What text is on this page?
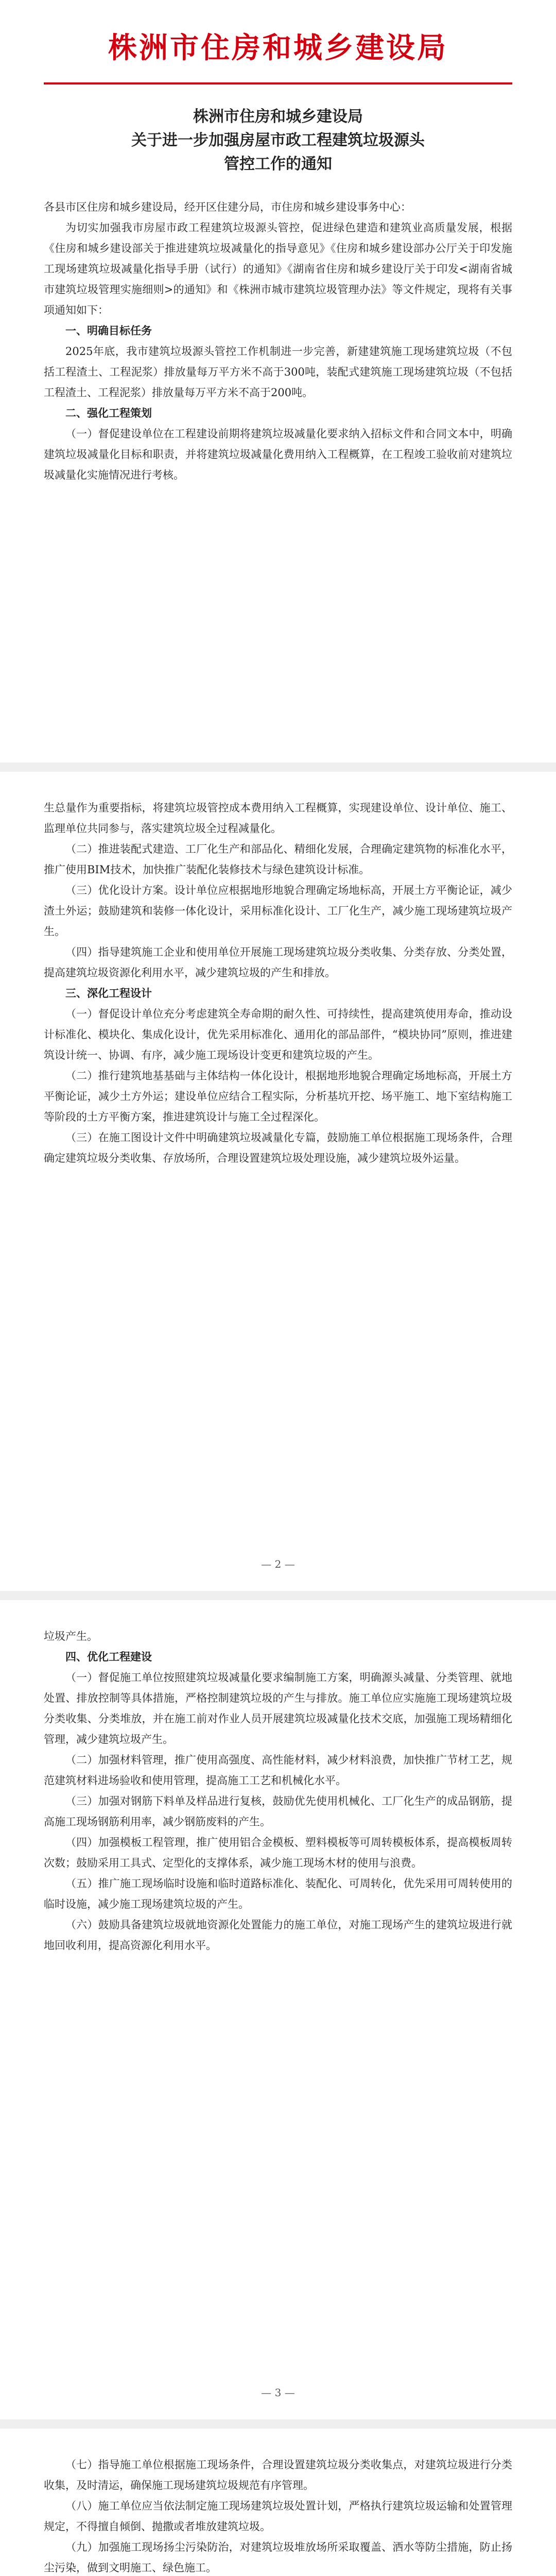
株洲市住房和城乡建设局
株洲市住房和城乡建设局
关于进一步加强房屋市政工程建筑垃圾源头
管控工作的通知

各县市区住房和城乡建设局，经开区住建分局，市住房和城乡建设事务中心：

为切实加强我市房屋市政工程建筑垃圾源头管控，促进绿色建造和建筑业高质量发展，根据《住房和城乡建设部关于推进建筑垃圾减量化的指导意见》《住房和城乡建设部办公厅关于印发施工现场建筑垃圾减量化指导手册（试行）的通知》《湖南省住房和城乡建设厅关于印发<湖南省城市建筑垃圾管理实施细则>的通知》和《株洲市城市建筑垃圾管理办法》等文件规定，现将有关事项通知如下：

一、明确目标任务

2025年底，我市建筑垃圾源头管控工作机制进一步完善，新建建筑施工现场建筑垃圾（不包括工程渣土、工程泥浆）排放量每万平方米不高于300吨，装配式建筑施工现场建筑垃圾（不包括工程渣土、工程泥浆）排放量每万平方米不高于200吨。

二、强化工程策划

（一）督促建设单位在工程建设前期将建筑垃圾减量化要求纳入招标文件和合同文本中，明确建筑垃圾减量化目标和职责，并将建筑垃圾减量化费用纳入工程概算，在工程竣工验收前对建筑垃圾减量化实施情况进行考核。

生总量作为重要指标，将建筑垃圾管控成本费用纳入工程概算，实现建设单位、设计单位、施工、监理单位共同参与，落实建筑垃圾全过程减量化。

（二）推进装配式建造、工厂化生产和部品化、精细化发展，合理确定建筑物的标准化水平，推广使用BIM技术，加快推广装配化装修技术与绿色建筑设计标准。

（三）优化设计方案。设计单位应根据地形地貌合理确定场地标高，开展土方平衡论证，减少渣土外运；鼓励建筑和装修一体化设计，采用标准化设计、工厂化生产，减少施工现场建筑垃圾产生。

（四）指导建筑施工企业和使用单位开展施工现场建筑垃圾分类收集、分类存放、分类处置，提高建筑垃圾资源化利用水平，减少建筑垃圾的产生和排放。

三、深化工程设计

（一）督促设计单位充分考虑建筑全寿命期的耐久性、可持续性，提高建筑使用寿命，推动设计标准化、模块化、集成化设计，优先采用标准化、通用化的部品部件，“模块协同”原则，推进建筑设计统一、协调、有序，减少施工现场设计变更和建筑垃圾的产生。

（二）推行建筑地基基础与主体结构一体化设计，根据地形地貌合理确定场地标高，开展土方平衡论证，减少土方外运；建设单位应结合工程实际，分析基坑开挖、场平施工、地下室结构施工等阶段的土方平衡方案，推进建筑设计与施工全过程深化。

（三）在施工图设计文件中明确建筑垃圾减量化专篇，鼓励施工单位根据施工现场条件，合理确定建筑垃圾分类收集、存放场所，合理设置建筑垃圾处理设施，减少建筑垃圾外运量。

— 2 —

垃圾产生。

四、优化工程建设

（一）督促施工单位按照建筑垃圾减量化要求编制施工方案，明确源头减量、分类管理、就地处置、排放控制等具体措施，严格控制建筑垃圾的产生与排放。施工单位应实施施工现场建筑垃圾分类收集、分类堆放，并在施工前对作业人员开展建筑垃圾减量化技术交底，加强施工现场精细化管理，减少建筑垃圾产生。

（二）加强材料管理，推广使用高强度、高性能材料，减少材料浪费，加快推广节材工艺，规范建筑材料进场验收和使用管理，提高施工工艺和机械化水平。

（三）加强对钢筋下料单及样品进行复核，鼓励优先使用机械化、工厂化生产的成品钢筋，提高施工现场钢筋利用率，减少钢筋废料的产生。

（四）加强模板工程管理，推广使用铝合金模板、塑料模板等可周转模板体系，提高模板周转次数；鼓励采用工具式、定型化的支撑体系，减少施工现场木材的使用与浪费。

（五）推广施工现场临时设施和临时道路标准化、装配化、可周转化，优先采用可周转使用的临时设施，减少施工现场建筑垃圾的产生。

（六）鼓励具备建筑垃圾就地资源化处置能力的施工单位，对施工现场产生的建筑垃圾进行就地回收利用，提高资源化利用水平。

— 3 —

（七）指导施工单位根据施工现场条件，合理设置建筑垃圾分类收集点，对建筑垃圾进行分类收集，及时清运，确保施工现场建筑垃圾规范有序管理。

（八）施工单位应当依法制定施工现场建筑垃圾处置计划，严格执行建筑垃圾运输和处置管理规定，不得擅自倾倒、抛撒或者堆放建筑垃圾。

（九）加强施工现场扬尘污染防治，对建筑垃圾堆放场所采取覆盖、洒水等防尘措施，防止扬尘污染，做到文明施工、绿色施工。
